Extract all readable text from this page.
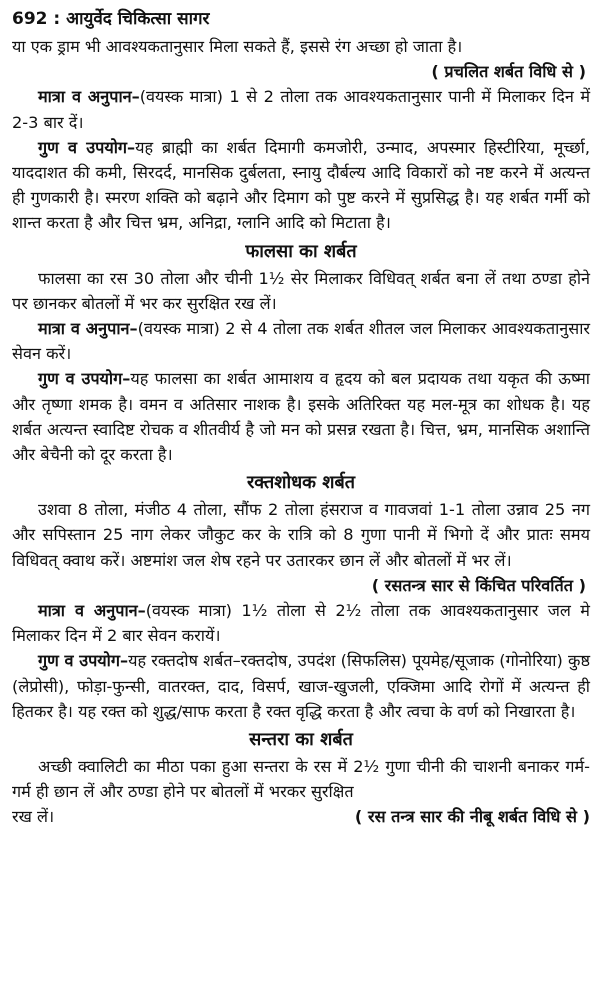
692 : आयुर्वेद चिकित्सा सागर

या एक ड्राम भी आवश्यकतानुसार मिला सकते हैं, इससे रंग अच्छा हो जाता है।

( प्रचलित शर्बत विधि से )

मात्रा व अनुपान–(वयस्क मात्रा) 1 से 2 तोला तक आवश्यकतानुसार पानी में मिलाकर दिन में 2-3 बार दें।

गुण व उपयोग–यह ब्राह्मी का शर्बत दिमागी कमजोरी, उन्माद, अपस्मार हिस्टीरिया, मूर्च्छा, याददाशत की कमी, सिरदर्द, मानसिक दुर्बलता, स्नायु दौर्बल्य आदि विकारों को नष्ट करने में अत्यन्त ही गुणकारी है। स्मरण शक्ति को बढ़ाने और दिमाग को पुष्ट करने में सुप्रसिद्ध है। यह शर्बत गर्मी को शान्त करता है और चित्त भ्रम, अनिद्रा, ग्लानि आदि को मिटाता है।

फालसा का शर्बत

फालसा का रस 30 तोला और चीनी 1½ सेर मिलाकर विधिवत् शर्बत बना लें तथा ठण्डा होने पर छानकर बोतलों में भर कर सुरक्षित रख लें।

मात्रा व अनुपान–(वयस्क मात्रा) 2 से 4 तोला तक शर्बत शीतल जल मिलाकर आवश्यकतानुसार सेवन करें।

गुण व उपयोग–यह फालसा का शर्बत आमाशय व हृदय को बल प्रदायक तथा यकृत की ऊष्मा और तृष्णा शमक है। वमन व अतिसार नाशक है। इसके अतिरिक्त यह मल-मूत्र का शोधक है। यह शर्बत अत्यन्त स्वादिष्ट रोचक व शीतवीर्य है जो मन को प्रसन्न रखता है। चित्त, भ्रम, मानसिक अशान्ति और बेचैनी को दूर करता है।

रक्तशोधक शर्बत

उशवा 8 तोला, मंजीठ 4 तोला, सौंफ 2 तोला हंसराज व गावजवां 1-1 तोला उन्नाव 25 नग और सपिस्तान 25 नाग लेकर जौकुट कर के रात्रि को 8 गुणा पानी में भिगो दें और प्रातः समय विधिवत् क्वाथ करें। अष्टमांश जल शेष रहने पर उतारकर छान लें और बोतलों में भर लें।

( रसतन्त्र सार से किंचित परिवर्तित )

मात्रा व अनुपान–(वयस्क मात्रा) 1½ तोला से 2½ तोला तक आवश्यकतानुसार जल मे मिलाकर दिन में 2 बार सेवन करायें।

गुण व उपयोग–यह रक्तदोष शर्बत–रक्तदोष, उपदंश (सिफलिस) पूयमेह/सूजाक (गोनोरिया) कुष्ठ (लेप्रोसी), फोड़ा-फुन्सी, वातरक्त, दाद, विसर्प, खाज-खुजली, एक्जिमा आदि रोगों में अत्यन्त ही हितकर है। यह रक्त को शुद्ध/साफ करता है रक्त वृद्धि करता है और त्वचा के वर्ण को निखारता है।

सन्तरा का शर्बत

अच्छी क्वालिटी का मीठा पका हुआ सन्तरा के रस में 2½ गुणा चीनी की चाशनी बनाकर गर्म-गर्म ही छान लें और ठण्डा होने पर बोतलों में भरकर सुरक्षित

रख लें।	( रस तन्त्र सार की नीबू शर्बत विधि से )
